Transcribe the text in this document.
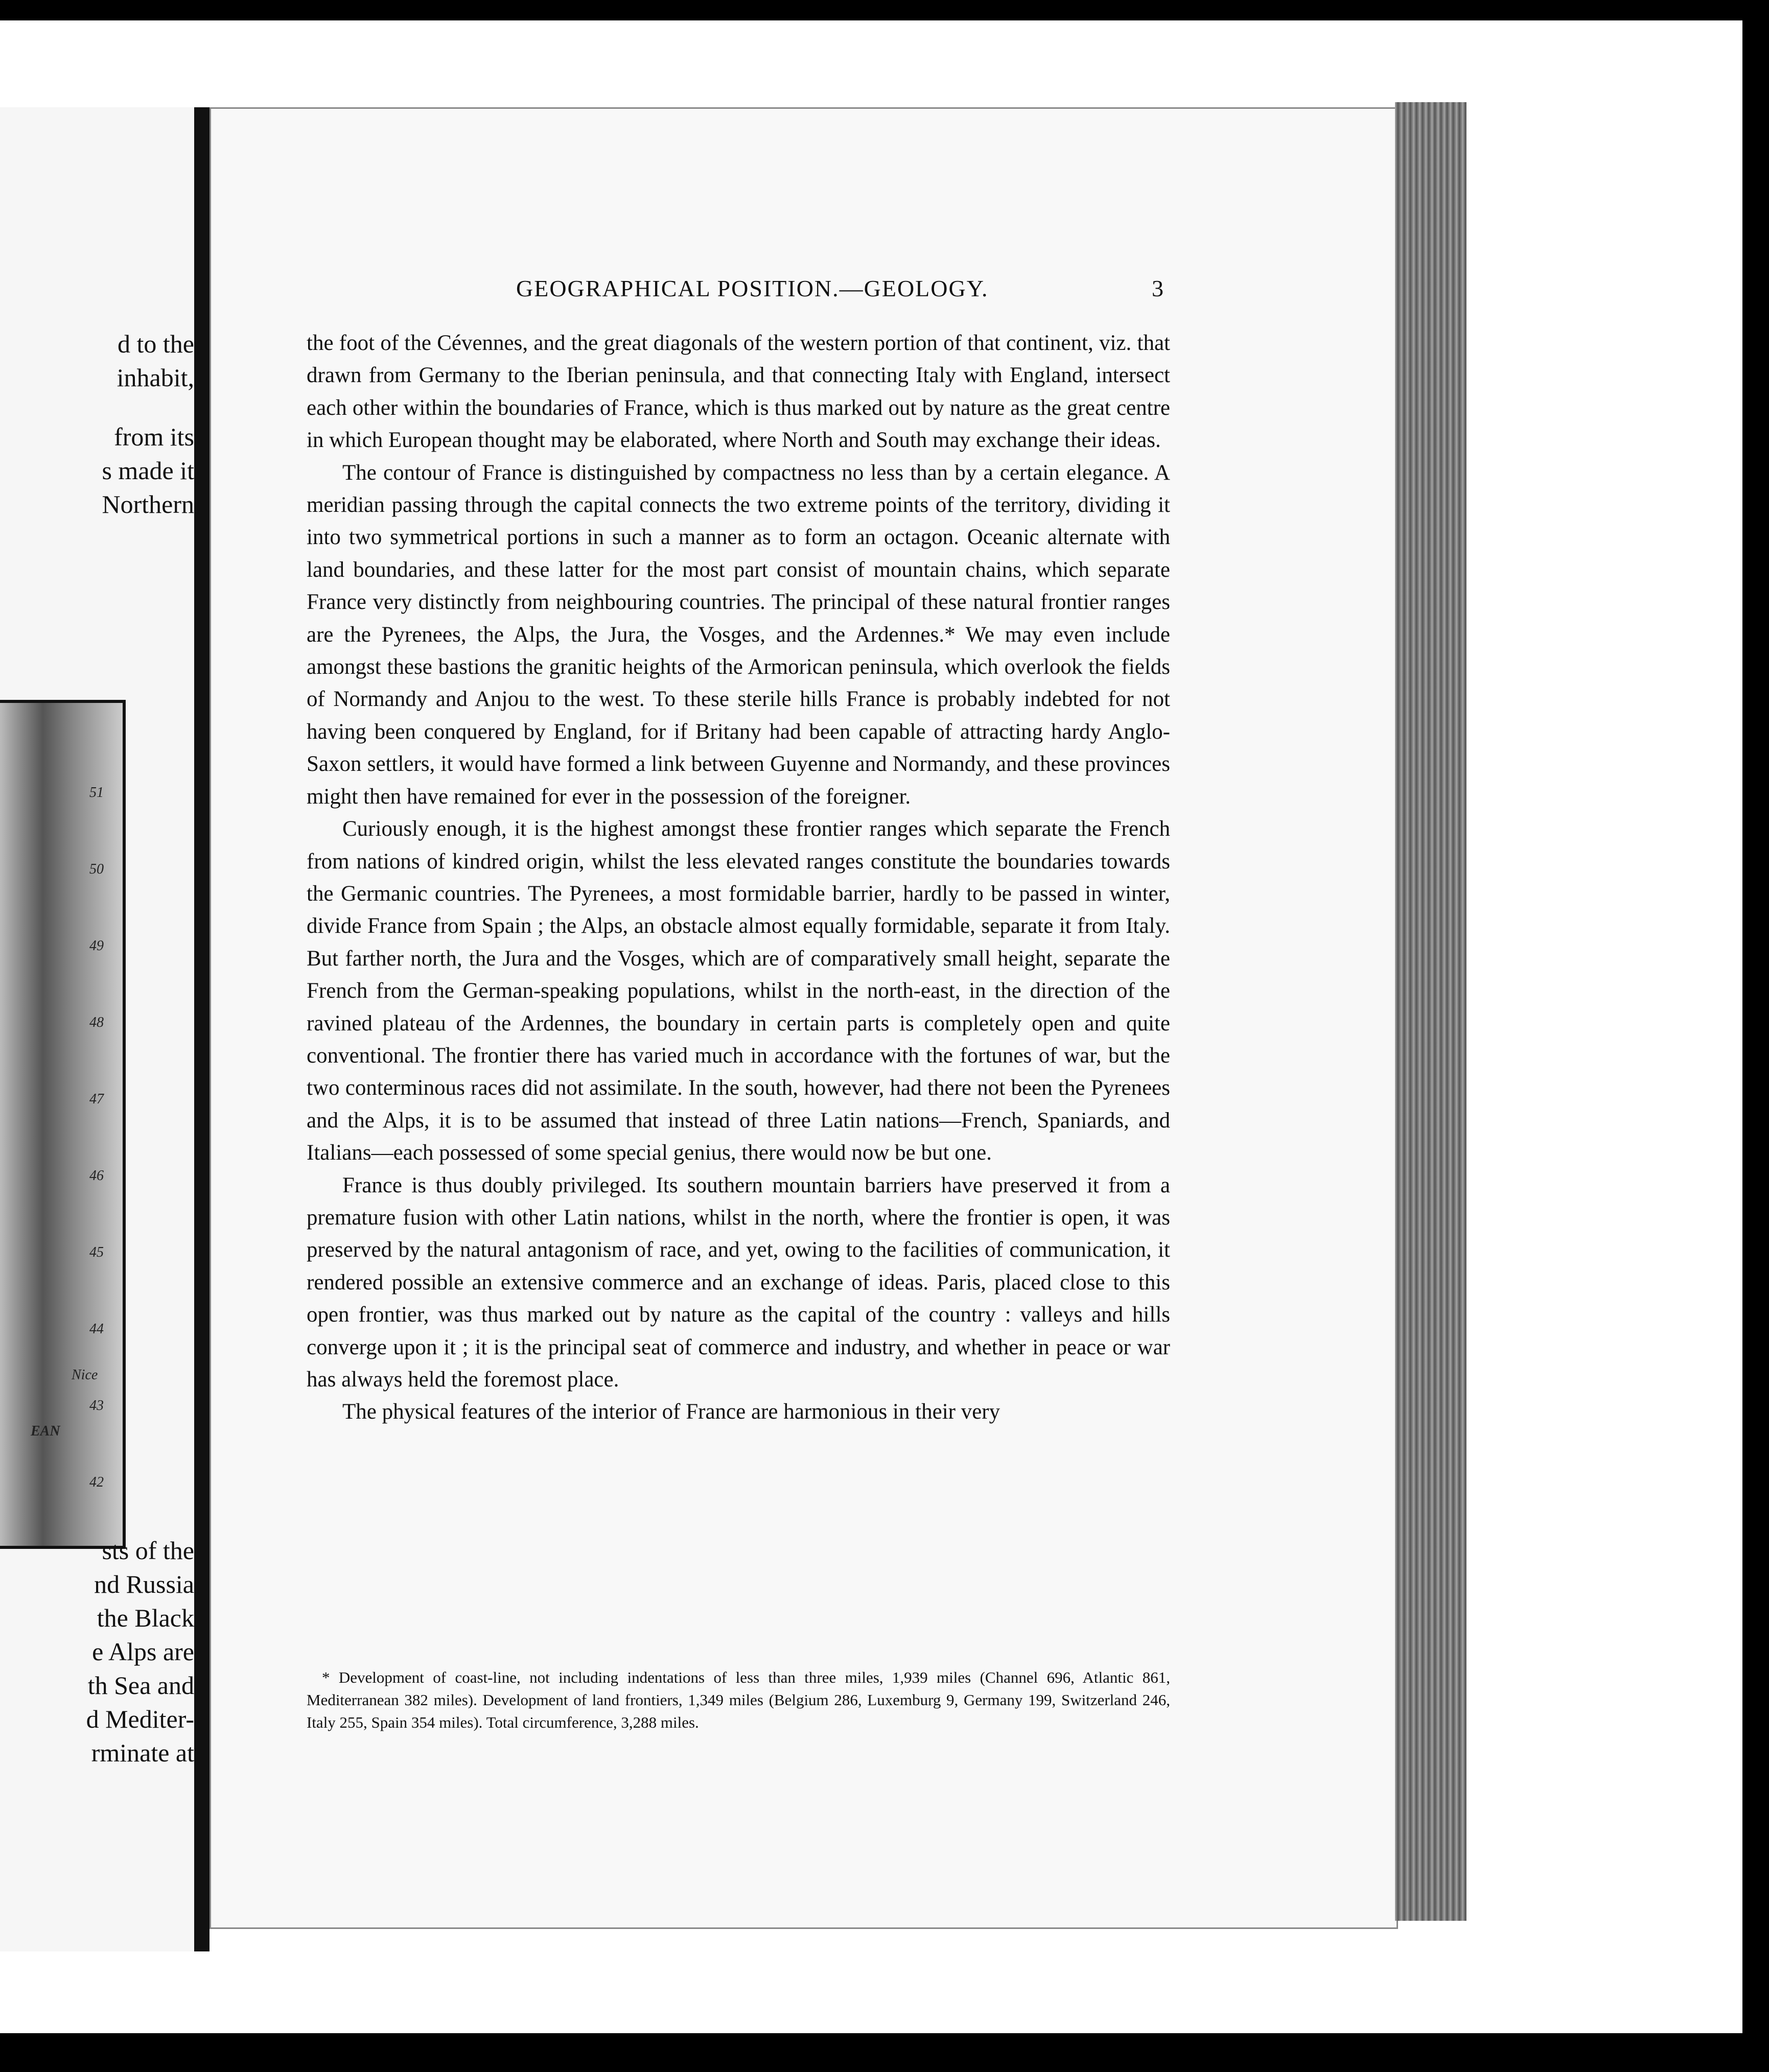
d to the
inhabit,
from its
s made it
Northern
51
50
49
48
47
46
45
44
43
42
Nice
EAN
sts of the
nd Russia
the Black
e Alps are
th Sea and
d Mediter-
rminate at
GEOGRAPHICAL POSITION.—GEOLOGY.	3

the foot of the Cévennes, and the great diagonals of the western portion of that continent, viz. that drawn from Germany to the Iberian peninsula, and that connecting Italy with England, intersect each other within the boundaries of France, which is thus marked out by nature as the great centre in which European thought may be elaborated, where North and South may exchange their ideas.

The contour of France is distinguished by compactness no less than by a certain elegance. A meridian passing through the capital connects the two extreme points of the territory, dividing it into two symmetrical portions in such a manner as to form an octagon. Oceanic alternate with land boundaries, and these latter for the most part consist of mountain chains, which separate France very distinctly from neighbouring countries. The principal of these natural frontier ranges are the Pyrenees, the Alps, the Jura, the Vosges, and the Ardennes.* We may even include amongst these bastions the granitic heights of the Armorican peninsula, which overlook the fields of Normandy and Anjou to the west. To these sterile hills France is probably indebted for not having been conquered by England, for if Britany had been capable of attracting hardy Anglo-Saxon settlers, it would have formed a link between Guyenne and Normandy, and these provinces might then have remained for ever in the possession of the foreigner.

Curiously enough, it is the highest amongst these frontier ranges which separate the French from nations of kindred origin, whilst the less elevated ranges constitute the boundaries towards the Germanic countries. The Pyrenees, a most formidable barrier, hardly to be passed in winter, divide France from Spain ; the Alps, an obstacle almost equally formidable, separate it from Italy. But farther north, the Jura and the Vosges, which are of comparatively small height, separate the French from the German-speaking populations, whilst in the north-east, in the direction of the ravined plateau of the Ardennes, the boundary in certain parts is completely open and quite conventional. The frontier there has varied much in accordance with the fortunes of war, but the two conterminous races did not assimilate. In the south, however, had there not been the Pyrenees and the Alps, it is to be assumed that instead of three Latin nations—French, Spaniards, and Italians—each possessed of some special genius, there would now be but one.

France is thus doubly privileged. Its southern mountain barriers have preserved it from a premature fusion with other Latin nations, whilst in the north, where the frontier is open, it was preserved by the natural antagonism of race, and yet, owing to the facilities of communication, it rendered possible an extensive commerce and an exchange of ideas. Paris, placed close to this open frontier, was thus marked out by nature as the capital of the country : valleys and hills converge upon it ; it is the principal seat of commerce and industry, and whether in peace or war has always held the foremost place.

The physical features of the interior of France are harmonious in their very

* Development of coast-line, not including indentations of less than three miles, 1,939 miles (Channel 696, Atlantic 861, Mediterranean 382 miles). Development of land frontiers, 1,349 miles (Belgium 286, Luxemburg 9, Germany 199, Switzerland 246, Italy 255, Spain 354 miles). Total circumference, 3,288 miles.
